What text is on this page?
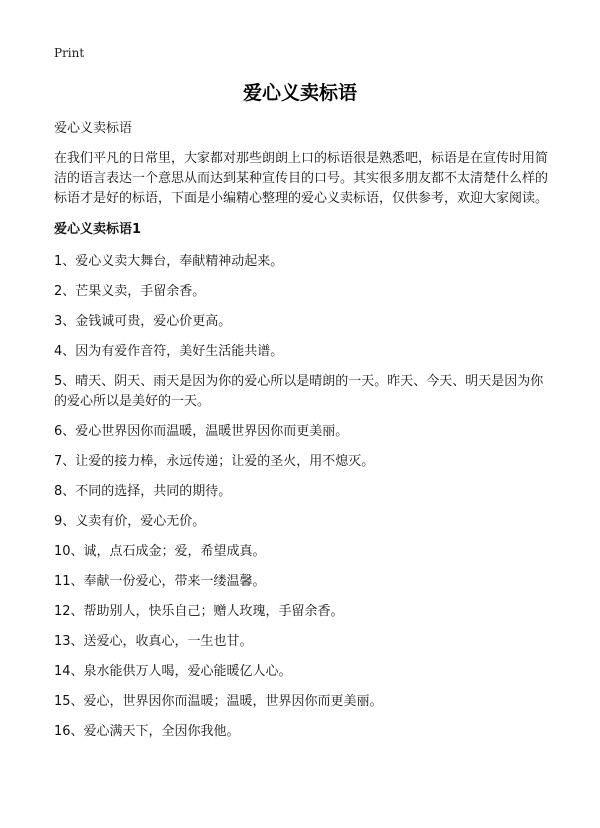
Print
爱心义卖标语

爱心义卖标语

在我们平凡的日常里，大家都对那些朗朗上口的标语很是熟悉吧，标语是在宣传时用简洁的语言表达一个意思从而达到某种宣传目的口号。其实很多朋友都不太清楚什么样的标语才是好的标语，下面是小编精心整理的爱心义卖标语，仅供参考，欢迎大家阅读。

爱心义卖标语1

1、爱心义卖大舞台，奉献精神动起来。
2、芒果义卖，手留余香。
3、金钱诚可贵，爱心价更高。
4、因为有爱作音符，美好生活能共谱。
5、晴天、阴天、雨天是因为你的爱心所以是晴朗的一天。昨天、今天、明天是因为你的爱心所以是美好的一天。
6、爱心世界因你而温暖，温暖世界因你而更美丽。
7、让爱的接力棒，永远传递；让爱的圣火，用不熄灭。
8、不同的选择，共同的期待。
9、义卖有价，爱心无价。
10、诚，点石成金；爱，希望成真。
11、奉献一份爱心，带来一缕温馨。
12、帮助别人，快乐自己；赠人玫瑰，手留余香。
13、送爱心，收真心，一生也甘。
14、泉水能供万人喝，爱心能暖亿人心。
15、爱心，世界因你而温暖；温暖，世界因你而更美丽。
16、爱心满天下，全因你我他。
